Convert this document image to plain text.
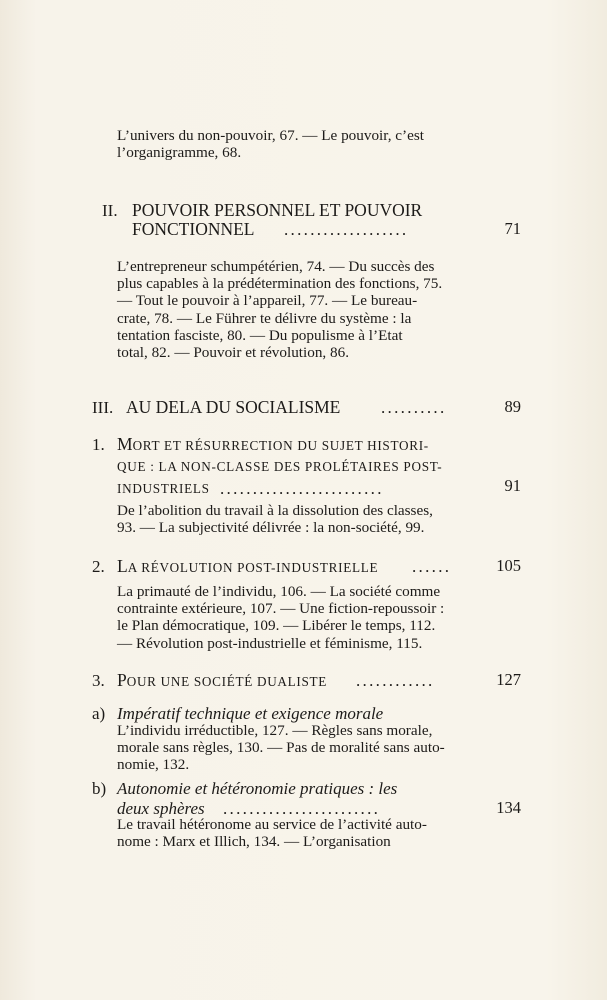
L’univers du non-pouvoir, 67. — Le pouvoir, c’est
l’organigramme, 68.
II. POUVOIR PERSONNEL ET POUVOIR
FONCTIONNEL ...................	71
L’entrepreneur schumpétérien, 74. — Du succès des
plus capables à la prédétermination des fonctions, 75.
— Tout le pouvoir à l’appareil, 77. — Le bureau-
crate, 78. — Le Führer te délivre du système : la
tentation fasciste, 80. — Du populisme à l’Etat
total, 82. — Pouvoir et révolution, 86.
III. AU DELA DU SOCIALISME ..........	89
1. MORT ET RÉSURRECTION DU SUJET HISTORI-
QUE : LA NON-CLASSE DES PROLÉTAIRES POST-
INDUSTRIELS .........................	91
De l’abolition du travail à la dissolution des classes,
93. — La subjectivité délivrée : la non-société, 99.
2. LA RÉVOLUTION POST-INDUSTRIELLE ......	105
La primauté de l’individu, 106. — La société comme
contrainte extérieure, 107. — Une fiction-repoussoir :
le Plan démocratique, 109. — Libérer le temps, 112.
— Révolution post-industrielle et féminisme, 115.
3. POUR UNE SOCIÉTÉ DUALISTE ............	127
a) Impératif technique et exigence morale
L’individu irréductible, 127. — Règles sans morale,
morale sans règles, 130. — Pas de moralité sans auto-
nomie, 132.
b) Autonomie et hétéronomie pratiques : les
deux sphères ........................	134
Le travail hétéronome au service de l’activité auto-
nome : Marx et Illich, 134. — L’organisation
